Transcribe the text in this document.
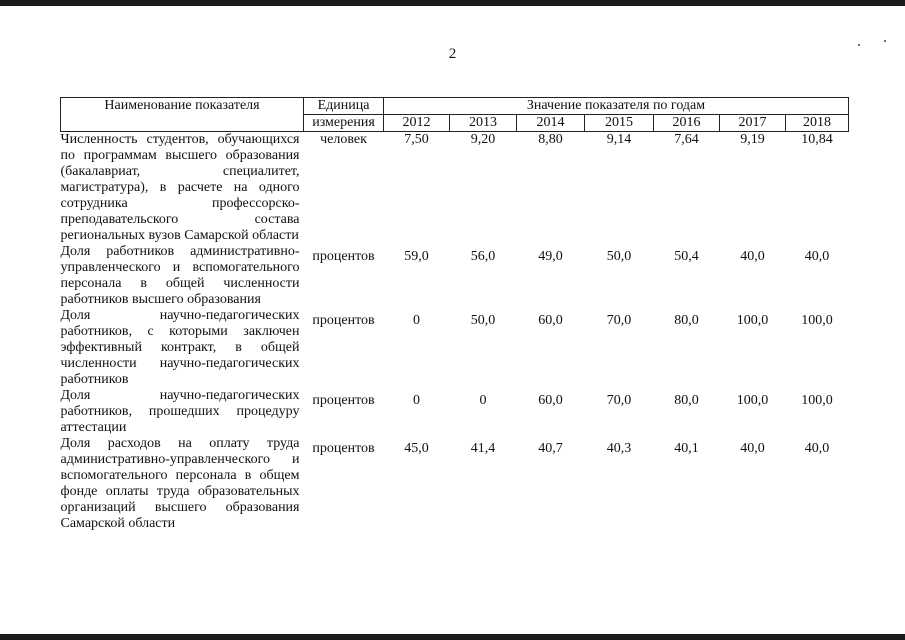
2
Наименование показателя	Единица	Значение показателя по годам						
	измерения	2012	2013	2014	2015	2016	2017	2018
Численность студентов, обучающихся по программам высшего образования (бакалавриат, специалитет, магистратура), в расчете на одного сотрудника профессорско-преподавательского состава региональных вузов Самарской области	человек	7,50	9,20	8,80	9,14	7,64	9,19	10,84
Доля работников административно-управленческого и вспомогательного персонала в общей численности работников высшего образования	процентов	59,0	56,0	49,0	50,0	50,4	40,0	40,0
Доля научно-педагогических работников, с которыми заключен эффективный контракт, в общей численности научно-педагогических работников	процентов	0	50,0	60,0	70,0	80,0	100,0	100,0
Доля научно-педагогических работников, прошедших процедуру аттестации	процентов	0	0	60,0	70,0	80,0	100,0	100,0
Доля расходов на оплату труда административно-управленческого и вспомогательного персонала в общем фонде оплаты труда образовательных организаций высшего образования Самарской области	процентов	45,0	41,4	40,7	40,3	40,1	40,0	40,0
